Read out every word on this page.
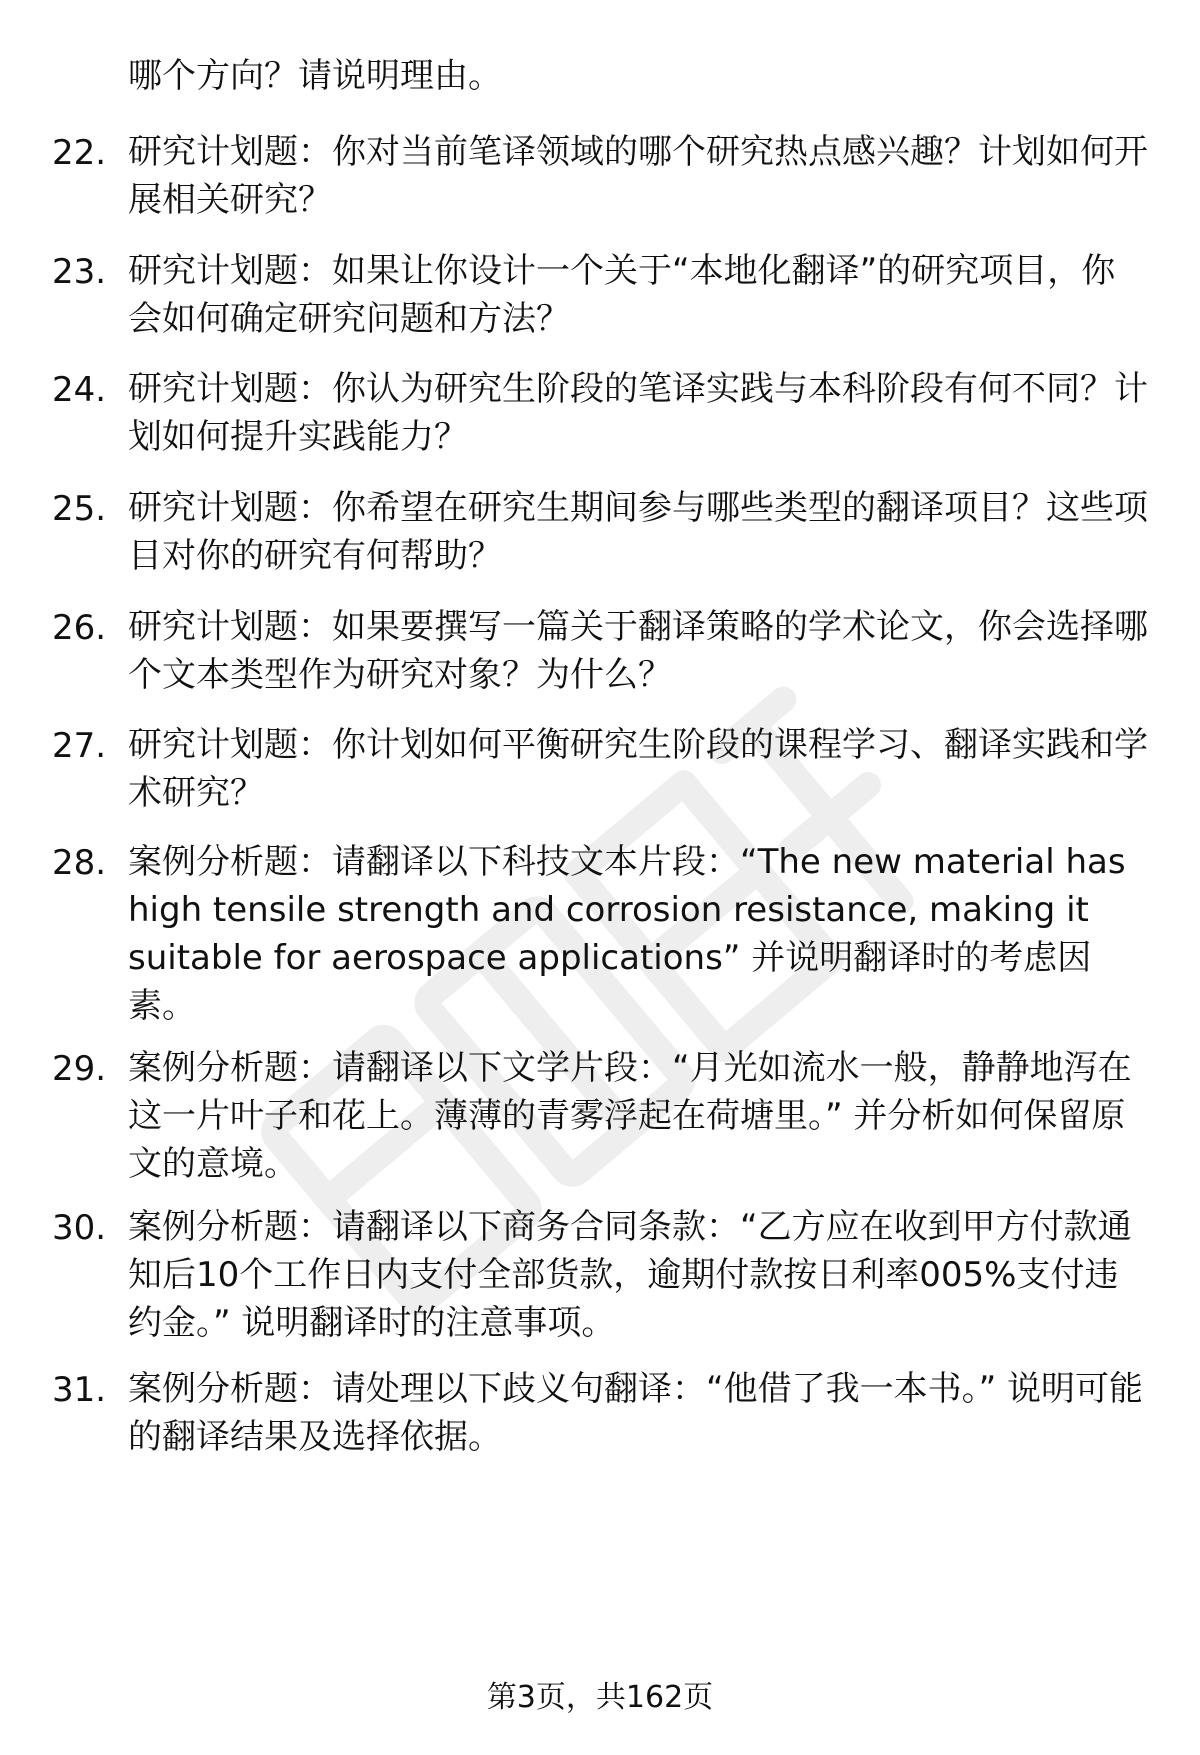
哪个方向？请说明理由。
22. 研究计划题：你对当前笔译领域的哪个研究热点感兴趣？计划如何开展相关研究？
23. 研究计划题：如果让你设计一个关于“本地化翻译”的研究项目，你会如何确定研究问题和方法？
24. 研究计划题：你认为研究生阶段的笔译实践与本科阶段有何不同？计划如何提升实践能力？
25. 研究计划题：你希望在研究生期间参与哪些类型的翻译项目？这些项目对你的研究有何帮助？
26. 研究计划题：如果要撰写一篇关于翻译策略的学术论文，你会选择哪个文本类型作为研究对象？为什么？
27. 研究计划题：你计划如何平衡研究生阶段的课程学习、翻译实践和学术研究？
28. 案例分析题：请翻译以下科技文本片段：“The new material has high tensile strength and corrosion resistance, making it suitable for aerospace applications” 并说明翻译时的考虑因素。
29. 案例分析题：请翻译以下文学片段：“月光如流水一般，静静地泻在这一片叶子和花上。薄薄的青雾浮起在荷塘里。” 并分析如何保留原文的意境。
30. 案例分析题：请翻译以下商务合同条款：“乙方应在收到甲方付款通知后10个工作日内支付全部货款，逾期付款按日利率005%支付违约金。” 说明翻译时的注意事项。
31. 案例分析题：请处理以下歧义句翻译：“他借了我一本书。” 说明可能的翻译结果及选择依据。
第3页，共162页
